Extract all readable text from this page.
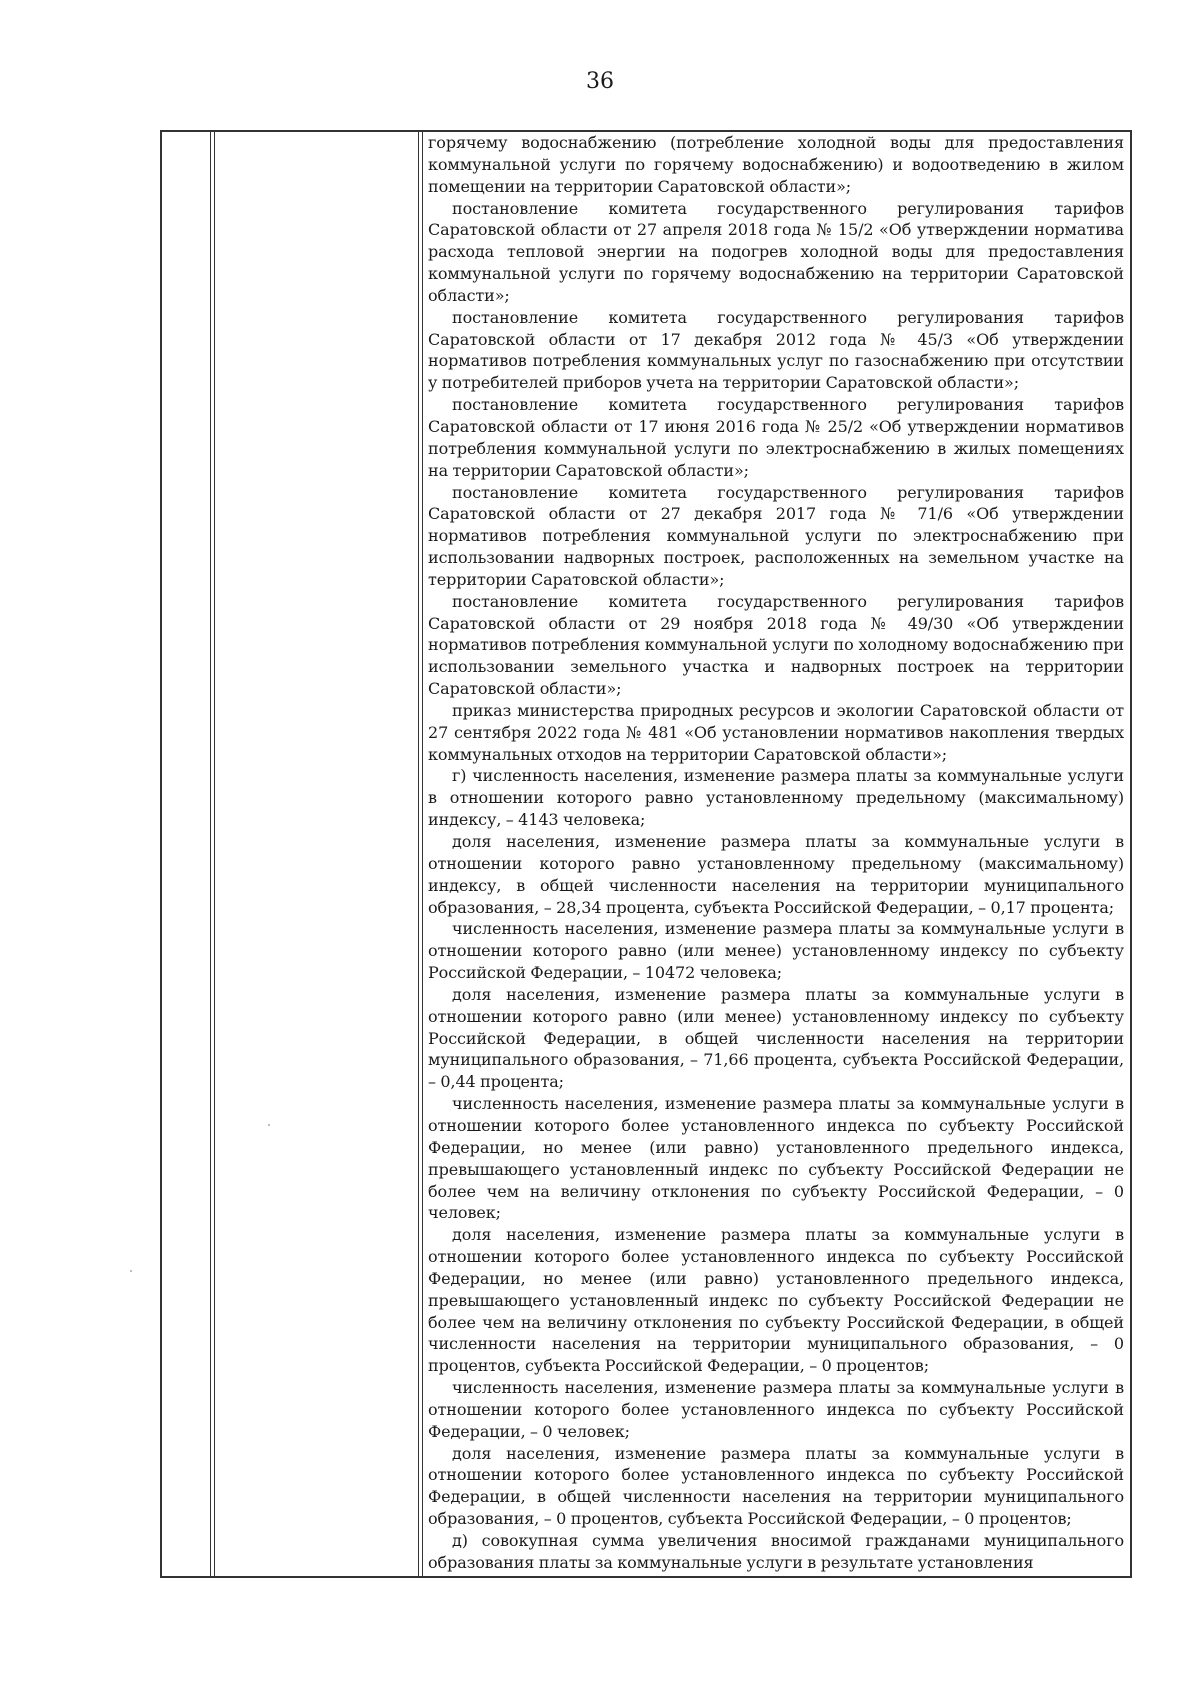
36

горячему водоснабжению (потребление холодной воды для предоставления коммунальной услуги по горячему водоснабжению) и водоотведению в жилом помещении на территории Саратовской области»;

постановление комитета государственного регулирования тарифов Саратовской области от 27 апреля 2018 года № 15/2 «Об утверждении норматива расхода тепловой энергии на подогрев холодной воды для предоставления коммунальной услуги по горячему водоснабжению на территории Саратовской области»;

постановление комитета государственного регулирования тарифов Саратовской области от 17 декабря 2012 года № 45/3 «Об утверждении нормативов потребления коммунальных услуг по газоснабжению при отсутствии у потребителей приборов учета на территории Саратовской области»;

постановление комитета государственного регулирования тарифов Саратовской области от 17 июня 2016 года № 25/2 «Об утверждении нормативов потребления коммунальной услуги по электроснабжению в жилых помещениях на территории Саратовской области»;

постановление комитета государственного регулирования тарифов Саратовской области от 27 декабря 2017 года № 71/6 «Об утверждении нормативов потребления коммунальной услуги по электроснабжению при использовании надворных построек, расположенных на земельном участке на территории Саратовской области»;

постановление комитета государственного регулирования тарифов Саратовской области от 29 ноября 2018 года № 49/30 «Об утверждении нормативов потребления коммунальной услуги по холодному водоснабжению при использовании земельного участка и надворных построек на территории Саратовской области»;

приказ министерства природных ресурсов и экологии Саратовской области от 27 сентября 2022 года № 481 «Об установлении нормативов накопления твердых коммунальных отходов на территории Саратовской области»;

г) численность населения, изменение размера платы за коммунальные услуги в отношении которого равно установленному предельному (максимальному) индексу, – 4143 человека;

доля населения, изменение размера платы за коммунальные услуги в отношении которого равно установленному предельному (максимальному) индексу, в общей численности населения на территории муниципального образования, – 28,34 процента, субъекта Российской Федерации, – 0,17 процента;

численность населения, изменение размера платы за коммунальные услуги в отношении которого равно (или менее) установленному индексу по субъекту Российской Федерации, – 10472 человека;

доля населения, изменение размера платы за коммунальные услуги в отношении которого равно (или менее) установленному индексу по субъекту Российской Федерации, в общей численности населения на территории муниципального образования, – 71,66 процента, субъекта Российской Федерации, – 0,44 процента;

численность населения, изменение размера платы за коммунальные услуги в отношении которого более установленного индекса по субъекту Российской Федерации, но менее (или равно) установленного предельного индекса, превышающего установленный индекс по субъекту Российской Федерации не более чем на величину отклонения по субъекту Российской Федерации, – 0 человек;

доля населения, изменение размера платы за коммунальные услуги в отношении которого более установленного индекса по субъекту Российской Федерации, но менее (или равно) установленного предельного индекса, превышающего установленный индекс по субъекту Российской Федерации не более чем на величину отклонения по субъекту Российской Федерации, в общей численности населения на территории муниципального образования, – 0 процентов, субъекта Российской Федерации, – 0 процентов;

численность населения, изменение размера платы за коммунальные услуги в отношении которого более установленного индекса по субъекту Российской Федерации, – 0 человек;

доля населения, изменение размера платы за коммунальные услуги в отношении которого более установленного индекса по субъекту Российской Федерации, в общей численности населения на территории муниципального образования, – 0 процентов, субъекта Российской Федерации, – 0 процентов;

д) совокупная сумма увеличения вносимой гражданами муниципального образования платы за коммунальные услуги в результате установления
